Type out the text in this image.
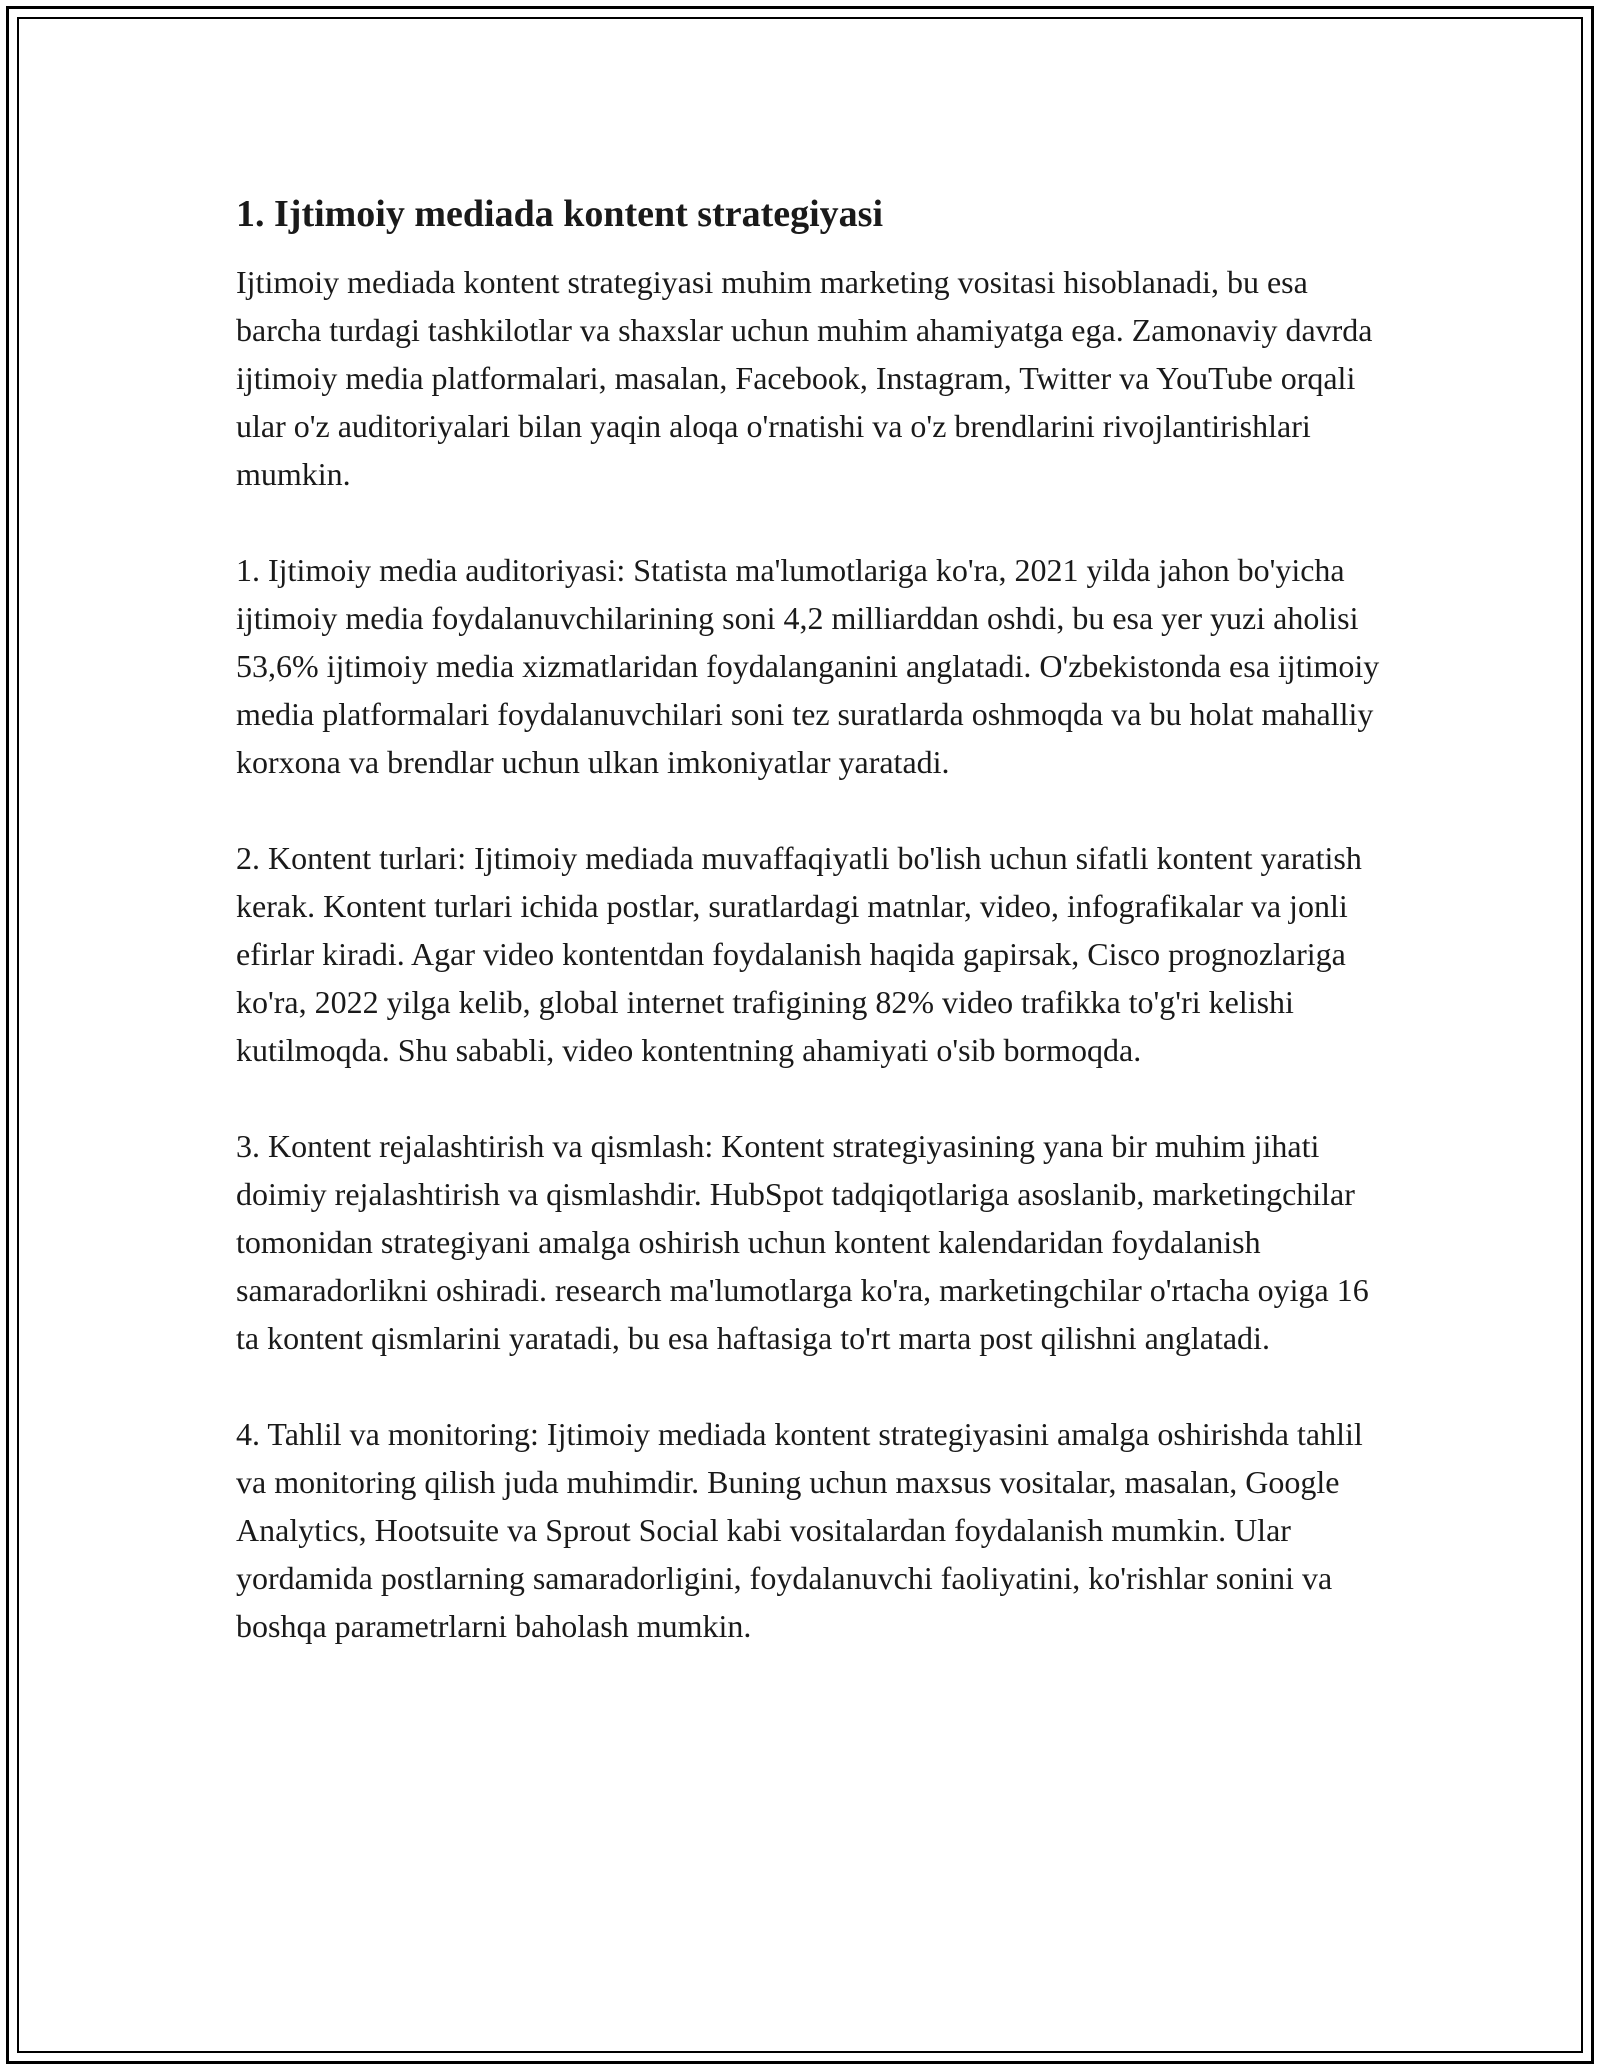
1. Ijtimoiy mediada kontent strategiyasi

Ijtimoiy mediada kontent strategiyasi muhim marketing vositasi hisoblanadi, bu esa barcha turdagi tashkilotlar va shaxslar uchun muhim ahamiyatga ega. Zamonaviy davrda ijtimoiy media platformalari, masalan, Facebook, Instagram, Twitter va YouTube orqali ular o'z auditoriyalari bilan yaqin aloqa o'rnatishi va o'z brendlarini rivojlantirishlari mumkin.

1. Ijtimoiy media auditoriyasi: Statista ma'lumotlariga ko'ra, 2021 yilda jahon bo'yicha ijtimoiy media foydalanuvchilarining soni 4,2 milliarddan oshdi, bu esa yer yuzi aholisi 53,6% ijtimoiy media xizmatlaridan foydalanganini anglatadi. O'zbekistonda esa ijtimoiy media platformalari foydalanuvchilari soni tez suratlarda oshmoqda va bu holat mahalliy korxona va brendlar uchun ulkan imkoniyatlar yaratadi.

2. Kontent turlari: Ijtimoiy mediada muvaffaqiyatli bo'lish uchun sifatli kontent yaratish kerak. Kontent turlari ichida postlar, suratlardagi matnlar, video, infografikalar va jonli efirlar kiradi. Agar video kontentdan foydalanish haqida gapirsak, Cisco prognozlariga ko'ra, 2022 yilga kelib, global internet trafigining 82% video trafikka to'g'ri kelishi kutilmoqda. Shu sababli, video kontentning ahamiyati o'sib bormoqda.

3. Kontent rejalashtirish va qismlash: Kontent strategiyasining yana bir muhim jihati doimiy rejalashtirish va qismlashdir. HubSpot tadqiqotlariga asoslanib, marketingchilar tomonidan strategiyani amalga oshirish uchun kontent kalendaridan foydalanish samaradorlikni oshiradi. research ma'lumotlarga ko'ra, marketingchilar o'rtacha oyiga 16 ta kontent qismlarini yaratadi, bu esa haftasiga to'rt marta post qilishni anglatadi.

4. Tahlil va monitoring: Ijtimoiy mediada kontent strategiyasini amalga oshirishda tahlil va monitoring qilish juda muhimdir. Buning uchun maxsus vositalar, masalan, Google Analytics, Hootsuite va Sprout Social kabi vositalardan foydalanish mumkin. Ular yordamida postlarning samaradorligini, foydalanuvchi faoliyatini, ko'rishlar sonini va boshqa parametrlarni baholash mumkin.
